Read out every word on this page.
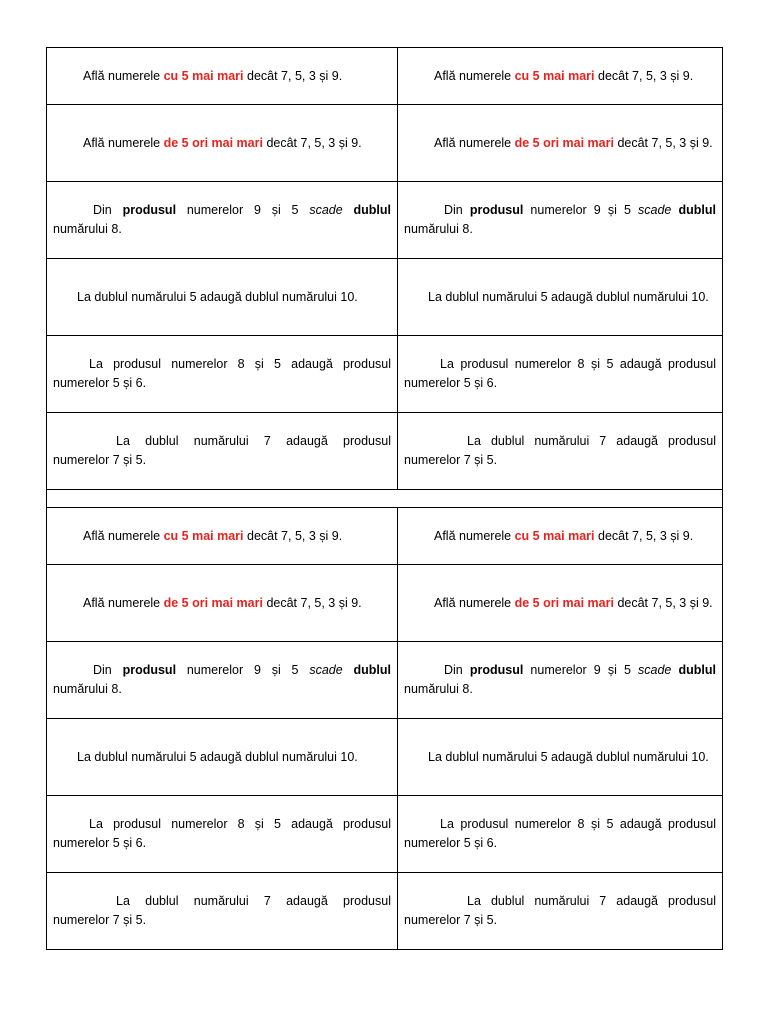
Află numerele cu 5 mai mari decât 7, 5, 3 și 9.	Află numerele cu 5 mai mari decât 7, 5, 3 și 9.
Află numerele de 5 ori mai mari decât 7, 5, 3 și 9.	Află numerele de 5 ori mai mari decât 7, 5, 3 și 9.
Din produsul numerelor 9 și 5 scade dublul numărului 8.	Din produsul numerelor 9 și 5 scade dublul numărului 8.
La dublul numărului 5 adaugă dublul numărului 10.	La dublul numărului 5 adaugă dublul numărului 10.
La produsul numerelor 8 și 5 adaugă produsul numerelor 5 și 6.	La produsul numerelor 8 și 5 adaugă produsul numerelor 5 și 6.
La dublul numărului 7 adaugă produsul numerelor 7 și 5.	La dublul numărului 7 adaugă produsul numerelor 7 și 5.

Află numerele cu 5 mai mari decât 7, 5, 3 și 9.	Află numerele cu 5 mai mari decât 7, 5, 3 și 9.
Află numerele de 5 ori mai mari decât 7, 5, 3 și 9.	Află numerele de 5 ori mai mari decât 7, 5, 3 și 9.
Din produsul numerelor 9 și 5 scade dublul numărului 8.	Din produsul numerelor 9 și 5 scade dublul numărului 8.
La dublul numărului 5 adaugă dublul numărului 10.	La dublul numărului 5 adaugă dublul numărului 10.
La produsul numerelor 8 și 5 adaugă produsul numerelor 5 și 6.	La produsul numerelor 8 și 5 adaugă produsul numerelor 5 și 6.
La dublul numărului 7 adaugă produsul numerelor 7 și 5.	La dublul numărului 7 adaugă produsul numerelor 7 și 5.
